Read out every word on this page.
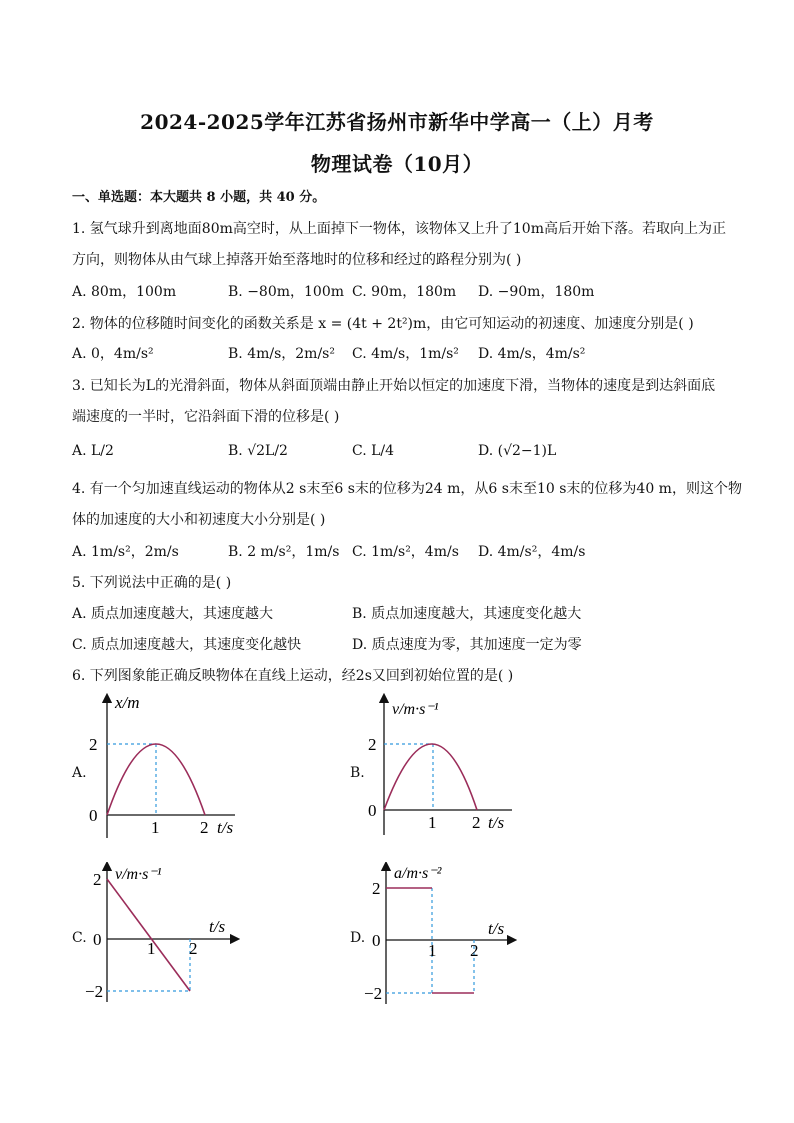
2024-2025学年江苏省扬州市新华中学高一（上）月考
物理试卷（10月）
一、单选题：本大题共 8 小题，共 40 分。
1. 氢气球升到离地面80m高空时，从上面掉下一物体，该物体又上升了10m高后开始下落。若取向上为正
方向，则物体从由气球上掉落开始至落地时的位移和经过的路程分别为( )
A. 80m，100m	B. −80m，100m C. 90m，180m D. −90m，180m
2. 物体的位移随时间变化的函数关系是 x = (4t + 2t²)m，由它可知运动的初速度、加速度分别是( )
A. 0，4m/s²	B. 4m/s，2m/s² C. 4m/s，1m/s² D. 4m/s，4m/s²
3. 已知长为L的光滑斜面，物体从斜面顶端由静止开始以恒定的加速度下滑，当物体的速度是到达斜面底
端速度的一半时，它沿斜面下滑的位移是( )
A. L/2	B. √2L/2	C. L/4	D. (√2−1)L
4. 有一个匀加速直线运动的物体从2 s末至6 s末的位移为24 m，从6 s末至10 s末的位移为40 m，则这个物
体的加速度的大小和初速度大小分别是( )
A. 1m/s²，2m/s	B. 2 m/s²，1m/s C. 1m/s²，4m/s D. 4m/s²，4m/s
5. 下列说法中正确的是( )
A. 质点加速度越大，其速度越大	B. 质点加速度越大，其速度变化越大
C. 质点加速度越大，其速度变化越快	D. 质点速度为零，其加速度一定为零
6. 下列图象能正确反映物体在直线上运动，经2s又回到初始位置的是( )
A.	B.
C.	D.
x/m
2
0
1 2 t/s
v/m·s⁻¹
2
0
1 2 t/s
v/m·s⁻¹
2
0
−2
1 2
t/s
a/m·s⁻²
2
0
−2
1 2
t/s
